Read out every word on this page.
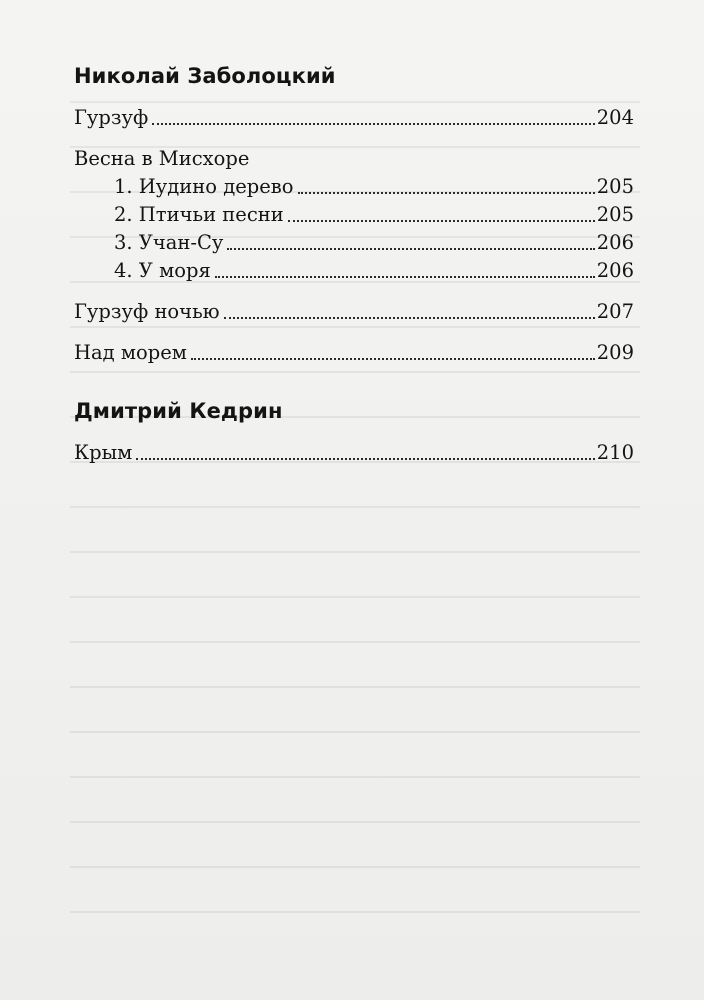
Николай Заболоцкий
Гурзуф	204
Весна в Мисхоре
1. Иудино дерево	205
2. Птичьи песни	205
3. Учан-Су	206
4. У моря	206
Гурзуф ночью	207
Над морем	209
Дмитрий Кедрин
Крым	210
